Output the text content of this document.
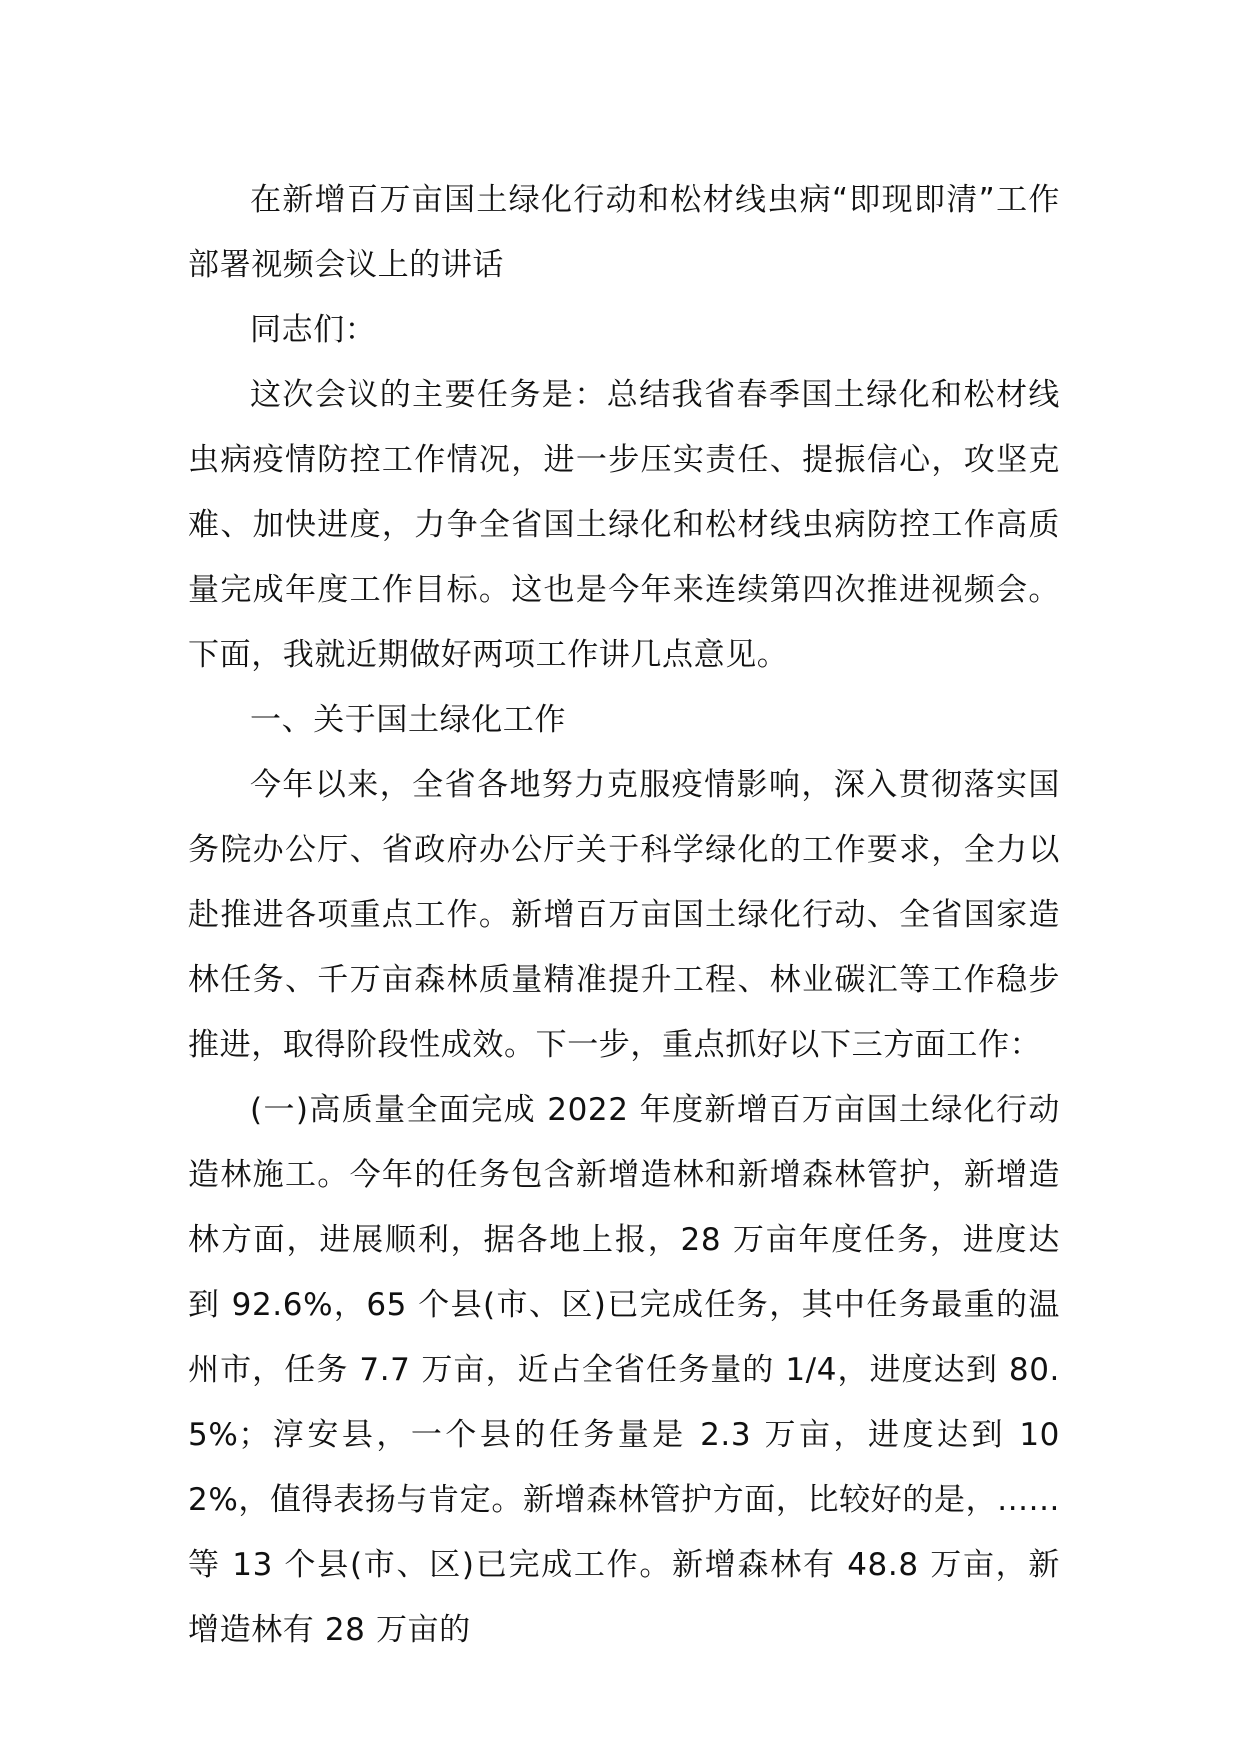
在新增百万亩国土绿化行动和松材线虫病“即现即清”工作部署视频会议上的讲话

同志们：

这次会议的主要任务是：总结我省春季国土绿化和松材线虫病疫情防控工作情况，进一步压实责任、提振信心，攻坚克难、加快进度，力争全省国土绿化和松材线虫病防控工作高质量完成年度工作目标。这也是今年来连续第四次推进视频会。下面，我就近期做好两项工作讲几点意见。

一、关于国土绿化工作

今年以来，全省各地努力克服疫情影响，深入贯彻落实国务院办公厅、省政府办公厅关于科学绿化的工作要求，全力以赴推进各项重点工作。新增百万亩国土绿化行动、全省国家造林任务、千万亩森林质量精准提升工程、林业碳汇等工作稳步推进，取得阶段性成效。下一步，重点抓好以下三方面工作：

(一)高质量全面完成 2022 年度新增百万亩国土绿化行动造林施工。今年的任务包含新增造林和新增森林管护，新增造林方面，进展顺利，据各地上报，28 万亩年度任务，进度达到 92.6%，65 个县(市、区)已完成任务，其中任务最重的温州市，任务 7.7 万亩，近占全省任务量的 1/4，进度达到 80.5%；淳安县，一个县的任务量是 2.3 万亩，进度达到 102%，值得表扬与肯定。新增森林管护方面，比较好的是，......等 13 个县(市、区)已完成工作。新增森林有 48.8 万亩，新增造林有 28 万亩的
